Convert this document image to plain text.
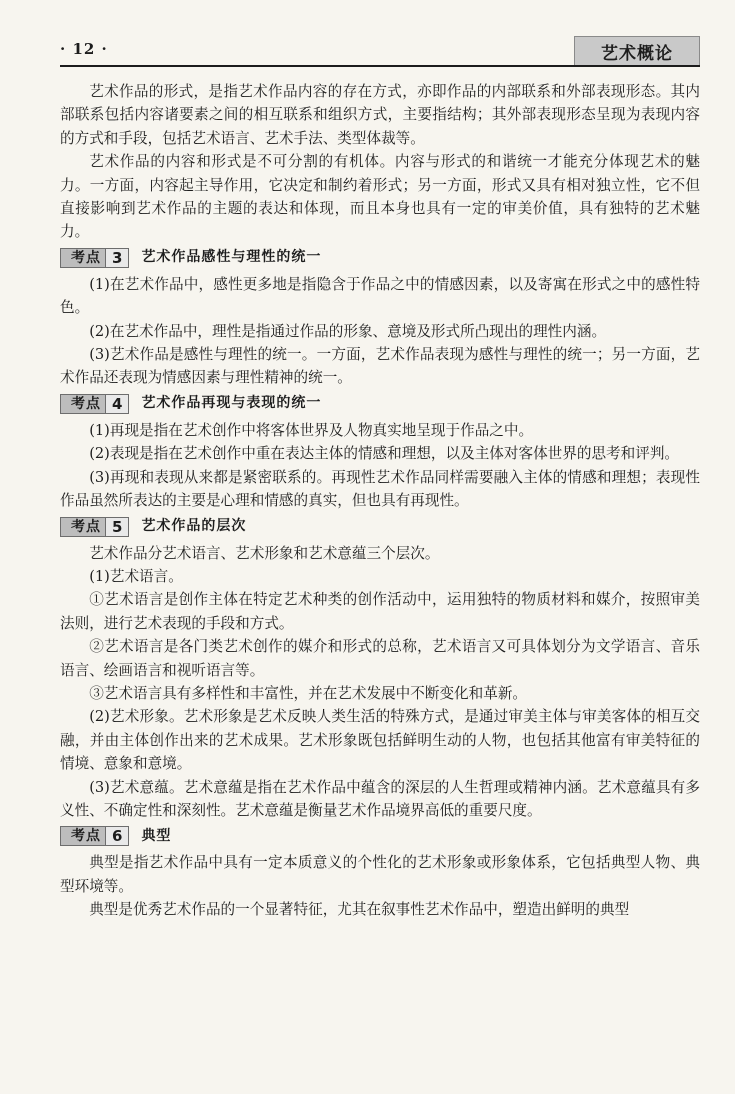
· 12 ·	艺术概论

艺术作品的形式，是指艺术作品内容的存在方式，亦即作品的内部联系和外部表现形态。其内部联系包括内容诸要素之间的相互联系和组织方式，主要指结构；其外部表现形态呈现为表现内容的方式和手段，包括艺术语言、艺术手法、类型体裁等。

艺术作品的内容和形式是不可分割的有机体。内容与形式的和谐统一才能充分体现艺术的魅力。一方面，内容起主导作用，它决定和制约着形式；另一方面，形式又具有相对独立性，它不但直接影响到艺术作品的主题的表达和体现，而且本身也具有一定的审美价值，具有独特的艺术魅力。

考点 3	艺术作品感性与理性的统一

(1)在艺术作品中，感性更多地是指隐含于作品之中的情感因素，以及寄寓在形式之中的感性特色。

(2)在艺术作品中，理性是指通过作品的形象、意境及形式所凸现出的理性内涵。

(3)艺术作品是感性与理性的统一。一方面，艺术作品表现为感性与理性的统一；另一方面，艺术作品还表现为情感因素与理性精神的统一。

考点 4	艺术作品再现与表现的统一

(1)再现是指在艺术创作中将客体世界及人物真实地呈现于作品之中。

(2)表现是指在艺术创作中重在表达主体的情感和理想，以及主体对客体世界的思考和评判。

(3)再现和表现从来都是紧密联系的。再现性艺术作品同样需要融入主体的情感和理想；表现性作品虽然所表达的主要是心理和情感的真实，但也具有再现性。

考点 5	艺术作品的层次

艺术作品分艺术语言、艺术形象和艺术意蕴三个层次。

(1)艺术语言。

①艺术语言是创作主体在特定艺术种类的创作活动中，运用独特的物质材料和媒介，按照审美法则，进行艺术表现的手段和方式。

②艺术语言是各门类艺术创作的媒介和形式的总称，艺术语言又可具体划分为文学语言、音乐语言、绘画语言和视听语言等。

③艺术语言具有多样性和丰富性，并在艺术发展中不断变化和革新。

(2)艺术形象。艺术形象是艺术反映人类生活的特殊方式，是通过审美主体与审美客体的相互交融，并由主体创作出来的艺术成果。艺术形象既包括鲜明生动的人物，也包括其他富有审美特征的情境、意象和意境。

(3)艺术意蕴。艺术意蕴是指在艺术作品中蕴含的深层的人生哲理或精神内涵。艺术意蕴具有多义性、不确定性和深刻性。艺术意蕴是衡量艺术作品境界高低的重要尺度。

考点 6	典型

典型是指艺术作品中具有一定本质意义的个性化的艺术形象或形象体系，它包括典型人物、典型环境等。

典型是优秀艺术作品的一个显著特征，尤其在叙事性艺术作品中，塑造出鲜明的典型
